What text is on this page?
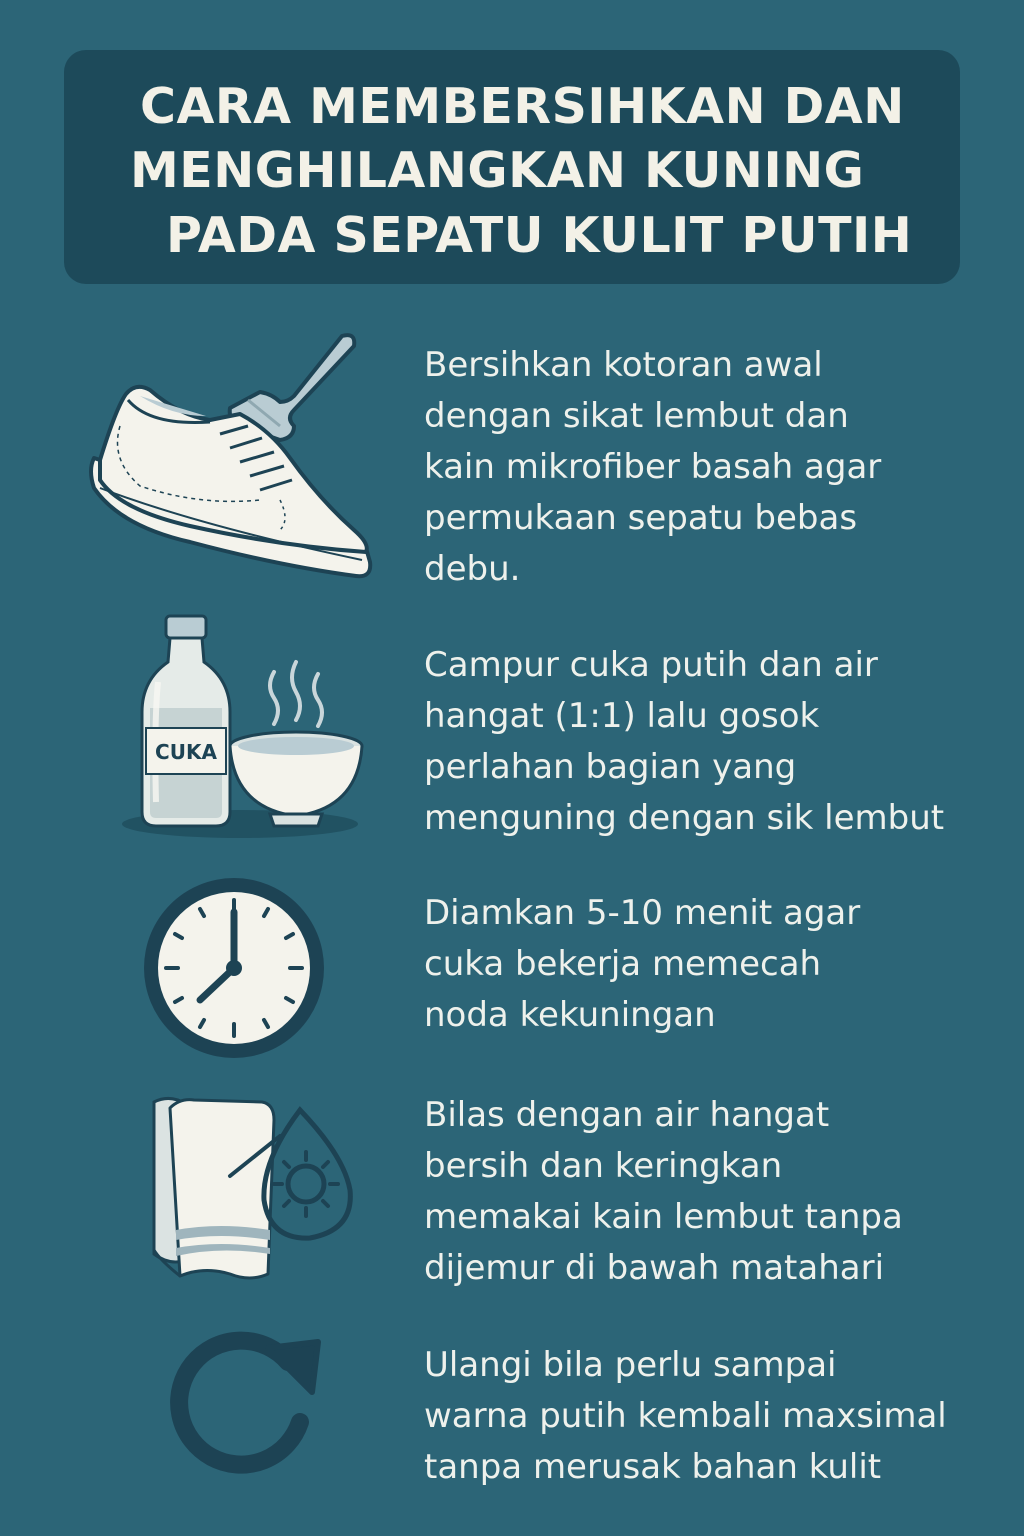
CARA MEMBERSIHKAN DAN
MENGHILANGKAN KUNING
PADA SEPATU KULIT PUTIH
Bersihkan kotoran awal
dengan sikat lembut dan
kain mikrofiber basah agar
permukaan sepatu bebas
debu.
CUKA
Campur cuka putih dan air
hangat (1:1) lalu gosok
perlahan bagian yang
menguning dengan sik lembut
Diamkan 5-10 menit agar
cuka bekerja memecah
noda kekuningan
Bilas dengan air hangat
bersih dan keringkan
memakai kain lembut tanpa
dijemur di bawah matahari
Ulangi bila perlu sampai
warna putih kembali maxsimal
tanpa merusak bahan kulit
